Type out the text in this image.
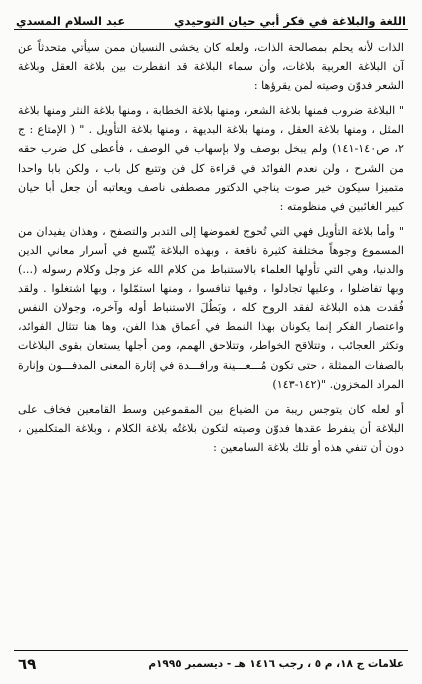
اللغة والبلاغة في فكر أبي حيان التوحيدي
عبد السلام المسدي

الذات لأنه يحلم بمصالحة الذات، ولعله كان يخشى النسيان ممن سيأتي متحدثاً عن آن البلاغة العربية بلاغات، وأن سماء البلاغة قد انفطرت بين بلاغة العقل وبلاغة الشعر فدوّن وصيته لمن يقرؤها :

" البلاغة ضروب فمنها بلاغة الشعر، ومنها بلاغة الخطابة ، ومنها بلاغة النثر ومنها بلاغة المثل ، ومنها بلاغة العقل ، ومنها بلاغة البديهة ، ومنها بلاغة التأويل . " ( الإمتاع : ج ٢، ص١٤٠-١٤١) ولم يبخل بوصف ولا بإسهاب في الوصف ، فأعطى كل ضرب حقه من الشرح ، ولن نعدم الفوائد في قراءة كل فن وتتبع كل باب ، ولكن بابا واحدا متميزا سيكون خير صوت يناجي الدكتور مصطفى ناصف ويعاتبه أن جعل أبا حيان كبير الغائبين في منظومته :

" وأما بلاغة التأويل فهي التي تُحوج لغموضها إلى التدبر والتصفح ، وهذان يفيدان من المسموع وجوهاً مختلفة كثيرة نافعة ، وبهذه البلاغة يُتّسع في أسرار معاني الدين والدنيا، وهي التي تأولها العلماء بالاستنباط من كلام الله عز وجل وكلام رسوله (...) وبها تفاضلوا ، وعليها تجادلوا ، وفيها تنافسوا ، ومنها استمّلوا ، وبها اشتغلوا . ولقد فُقدت هذه البلاغة لفقد الروح كله ، وبَطُلَ الاستنباط أوله وآخره، وجولان النفس واعتصار الفكر إنما يكونان بهذا النمط في أعماق هذا الفن، وها هنا تتثال الفوائد، وتكثر العجائب ، وتتلاقح الخواطر، وتتلاحق الهمم، ومن أجلها يستعان بقوى البلاغات بالصفات الممثلة ، حتى تكون مُـــعـــينة ورافـــدة في إثارة المعنى المدفـــون وإنارة المراد المخزون. "(١٤٢-١٤٣)

أو لعله كان يتوجس ريبة من الضياع بين المقموعين وسط القامعين فخاف على البلاغة أن ينفرط عقدها فدوّن وصيته لتكون بلاغتُه بلاغة الكلام ، وبلاغة المتكلمين ، دون أن تنفي هذه أو تلك بلاغة السامعين :

علامات ج ١٨، م ٥ ، رجب ١٤١٦ هـ - ديسمبر ١٩٩٥م
٦٩
